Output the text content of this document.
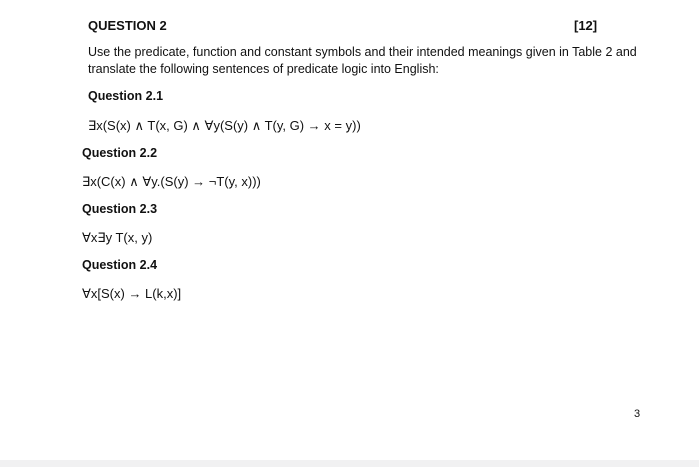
QUESTION 2	[12]
Use the predicate, function and constant symbols and their intended meanings given in Table 2 and
translate the following sentences of predicate logic into English:
Question 2.1
∃x(S(x) ∧ T(x, G) ∧ ∀y(S(y) ∧ T(y, G) → x = y))
Question 2.2
∃x(C(x) ∧ ∀y.(S(y) → ¬T(y, x)))
Question 2.3
∀x∃y T(x, y)
Question 2.4
∀x[S(x) → L(k,x)]
3
